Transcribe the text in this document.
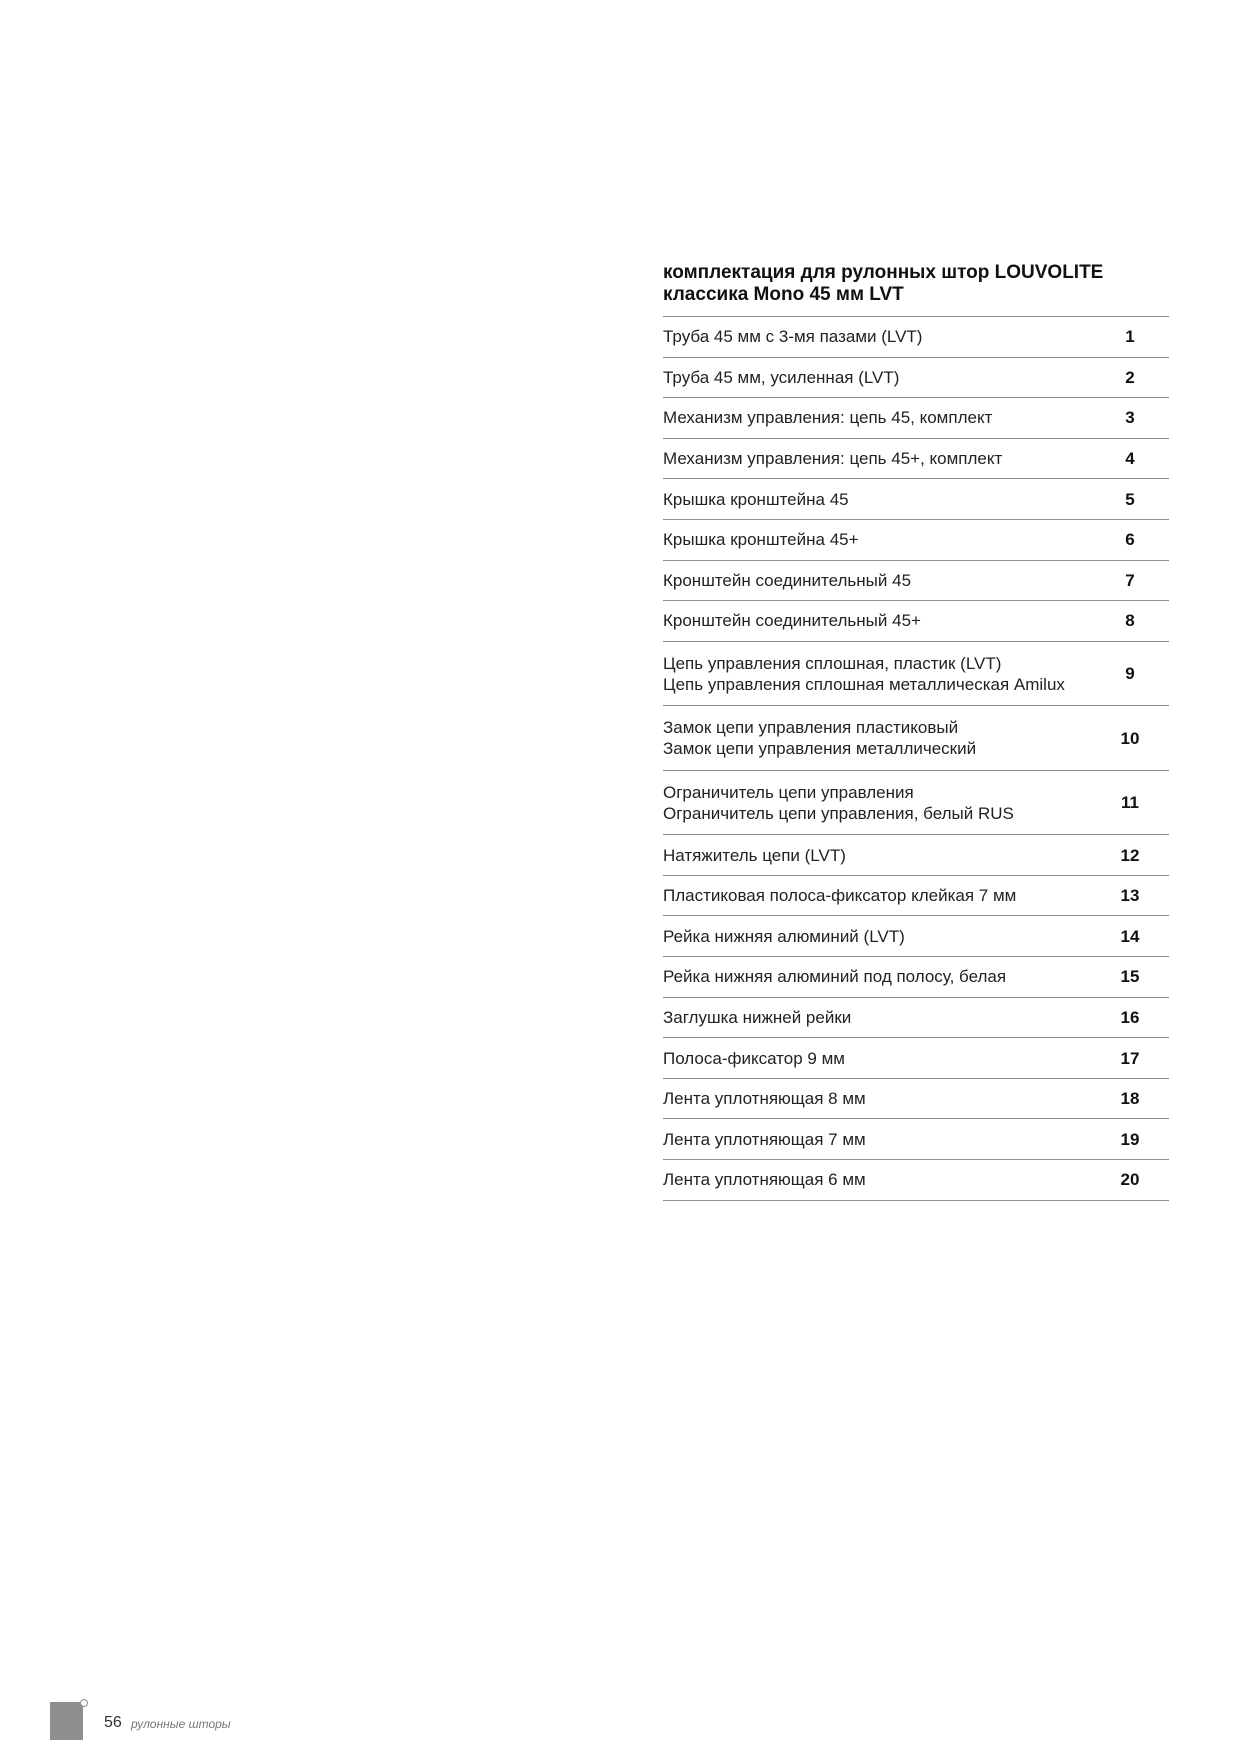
комплектация для рулонных штор LOUVOLITE
классика Mono 45 мм LVT
Труба 45 мм с 3-мя пазами (LVT)	1

Труба 45 мм, усиленная (LVT)	2

Механизм управления: цепь 45, комплект	3

Механизм управления: цепь 45+, комплект	4

Крышка кронштейна 45	5

Крышка кронштейна 45+	6

Кронштейн соединительный 45	7

Кронштейн соединительный 45+	8

Цепь управления сплошная, пластик (LVT)
Цепь управления сплошная металлическая Amilux	9

Замок цепи управления пластиковый
Замок цепи управления металлический	10

Ограничитель цепи управления
Ограничитель цепи управления, белый RUS	11

Натяжитель цепи (LVT)	12

Пластиковая полоса-фиксатор клейкая 7 мм	13

Рейка нижняя алюминий (LVT)	14

Рейка нижняя алюминий под полосу, белая	15

Заглушка нижней рейки	16

Полоса-фиксатор 9 мм	17

Лента уплотняющая 8 мм	18

Лента уплотняющая 7 мм	19

Лента уплотняющая 6 мм	20
56 рулонные шторы
